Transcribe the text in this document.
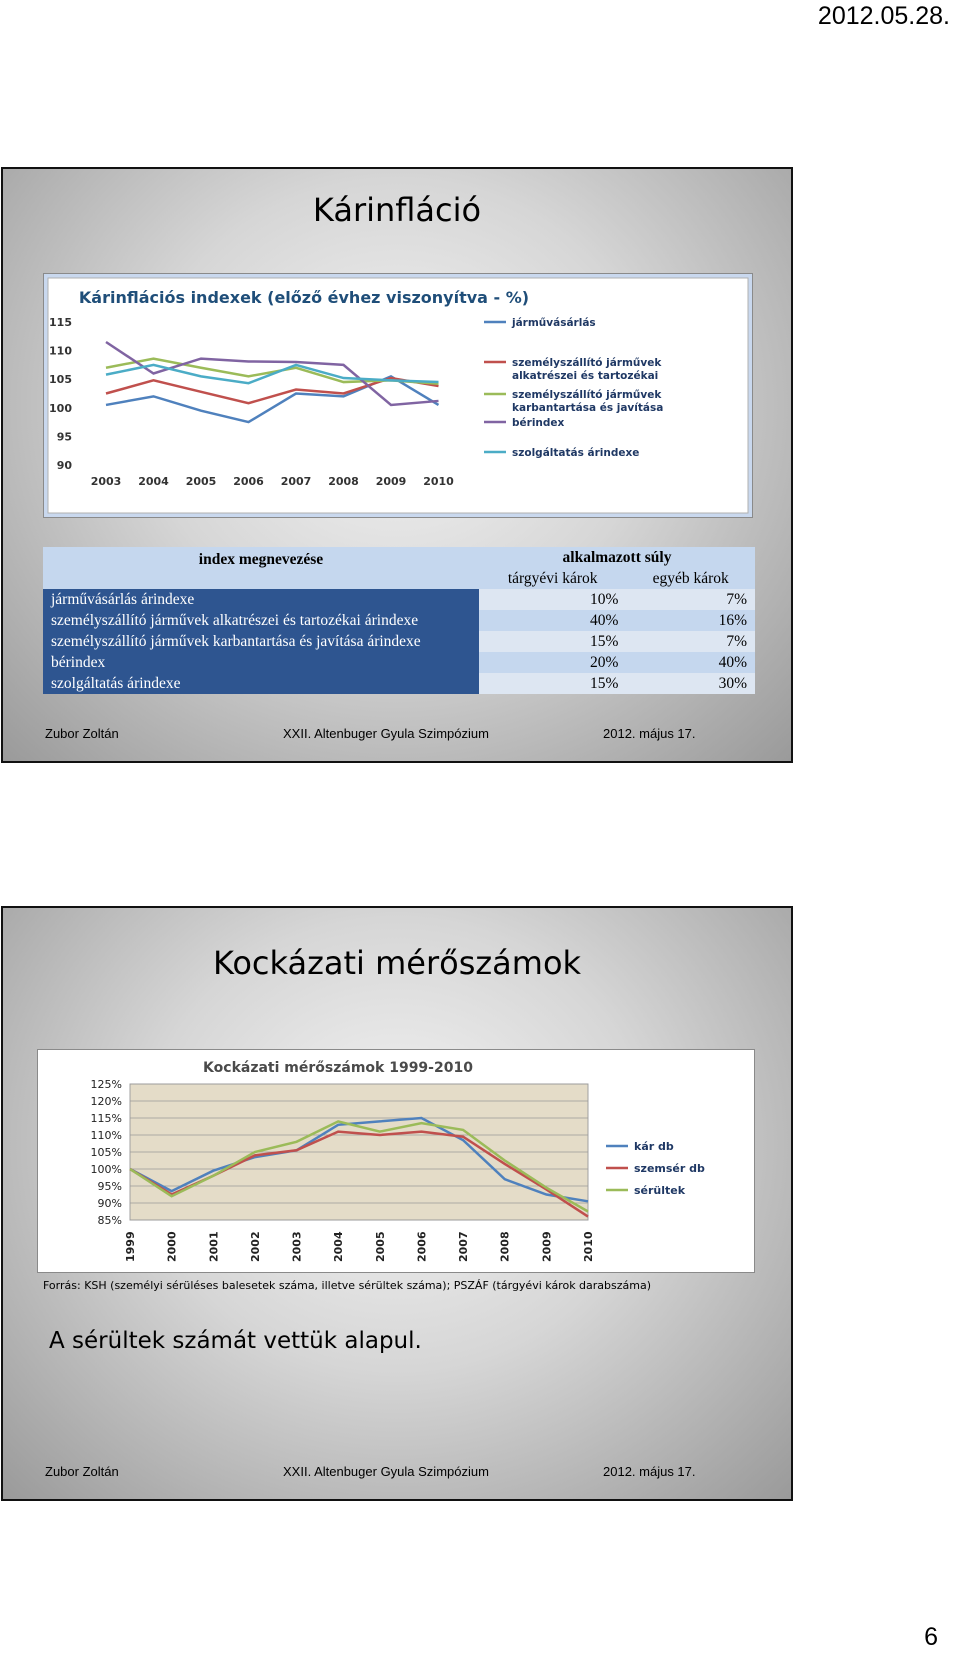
2012.05.28.
Kárinfláció
Kárinflációs indexek (előző évhez viszonyítva - %)
90
95
100
105
110
115
2003 2004 2005 2006 2007 2008 2009 2010
járművásárlás
személyszállító járművek alkatrészei és tartozékai
személyszállító járművek karbantartása és javítása
bérindex
szolgáltatás árindexe
index megnevezése	alkalmazott súly	
	tárgyévi károk	egyéb károk
járművásárlás árindexe	10%	7%
személyszállító járművek alkatrészei és tartozékai árindexe	40%	16%
személyszállító járművek karbantartása és javítása árindexe	15%	7%
bérindex	20%	40%
szolgáltatás árindexe	15%	30%
Zubor Zoltán	XXII. Altenbuger Gyula Szimpózium	2012. május 17.
Kockázati mérőszámok
Kockázati mérőszámok 1999-2010
85%
90%
95%
100%
105%
110%
115%
120%
125%
1999	2000	2001	2002	2003	2004	2005	2006	2007	2008	2009	2010
kár db
szemsér db
sérültek
Forrás: KSH (személyi sérüléses balesetek száma, illetve sérültek száma); PSZÁF (tárgyévi károk darabszáma)
A sérültek számát vettük alapul.
Zubor Zoltán	XXII. Altenbuger Gyula Szimpózium	2012. május 17.
6
